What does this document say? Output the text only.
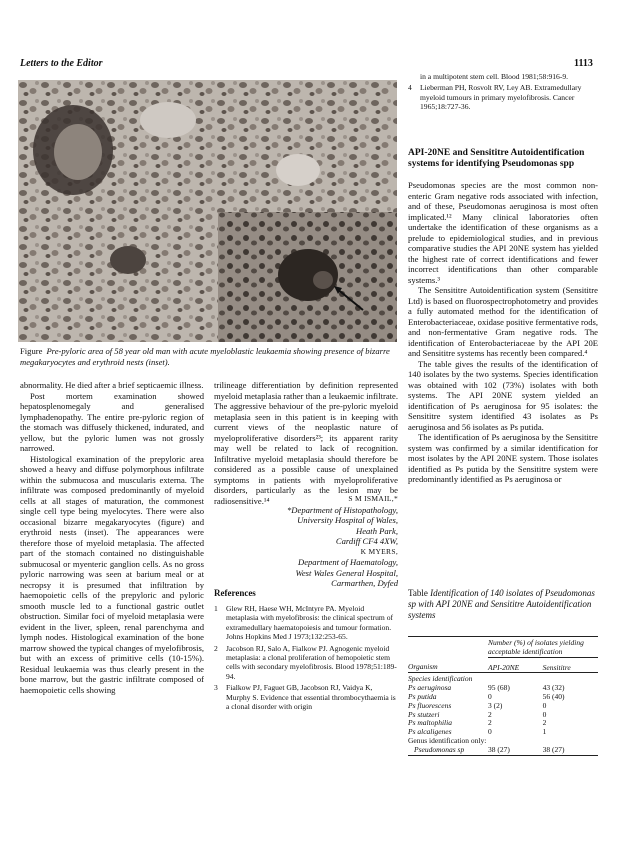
Letters to the Editor	1113
Figure Pre-pyloric area of 58 year old man with acute myeloblastic leukaemia showing presence of bizarre megakaryocytes and erythroid nests (inset).

abnormality. He died after a brief septicaemic illness.

Post mortem examination showed hepatosplenomegaly and generalised lymphadenopathy. The entire pre-pyloric region of the stomach was diffusely thickened, indurated, and yellow, but the pyloric lumen was not grossly narrowed.

Histological examination of the prepyloric area showed a heavy and diffuse polymorphous infiltrate within the submucosa and muscularis externa. The infiltrate was composed predominantly of myeloid cells at all stages of maturation, the commonest single cell type being myelocytes. There were also occasional bizarre megakaryocytes (figure) and erythroid nests (inset). The appearances were therefore those of myeloid metaplasia. The affected part of the stomach contained no distinguishable submucosal or myenteric ganglion cells. As no gross pyloric narrowing was seen at barium meal or at necropsy it is presumed that infiltration by haemopoietic cells of the prepyloric and pyloric smooth muscle led to a functional gastric outlet obstruction. Similar foci of myeloid metaplasia were evident in the liver, spleen, renal parenchyma and lymph nodes. Histological examination of the bone marrow showed the typical changes of myelofibrosis, but with an excess of primitive cells (10-15%). Residual leukaemia was thus clearly present in the bone marrow, but the gastric infiltrate composed of haemopoietic cells showing

trilineage differentiation by definition represented myeloid metaplasia rather than a leukaemic infiltrate. The aggressive behaviour of the pre-pyloric myeloid metaplasia seen in this patient is in keeping with current views of the neoplastic nature of myeloproliferative disorders²³; its apparent rarity may well be related to lack of recognition. Infiltrative myeloid metaplasia should therefore be considered as a possible cause of unexplained symptoms in patients with myeloproliferative disorders, particularly as the lesion may be radiosensitive.¹⁴	S M ISMAIL,*
*Department of Histopathology,
University Hospital of Wales,
Heath Park,
Cardiff CF4 4XW,
K MYERS,
Department of Haematology,
West Wales General Hospital,
Carmarthen, Dyfed
References
1	Glew RH, Haese WH, McIntyre PA. Myeloid metaplasia with myelofibrosis: the clinical spectrum of extramedullary haematopoiesis and tumour formation. Johns Hopkins Med J 1973;132:253-65.
2	Jacobson RJ, Salo A, Fialkow PJ. Agnogenic myeloid metaplasia: a clonal proliferation of hemopoietic stem cells with secondary myelofibrosis. Blood 1978;51:189-94.
3	Fialkow PJ, Faguet GB, Jacobson RJ, Vaidya K, Murphy S. Evidence that essential thrombocythaemia is a clonal disorder with origin
in a multipotent stem cell. Blood 1981;58:916-9.
4	Lieberman PH, Rosvolt RV, Ley AB. Extramedullary myeloid tumours in primary myelofibrosis. Cancer 1965;18:727-36.
API-20NE and Sensititre Autoidentification systems for identifying Pseudomonas spp

Pseudomonas species are the most common non-enteric Gram negative rods associated with infection, and of these, Pseudomonas aeruginosa is most often implicated.¹² Many clinical laboratories often undertake the identification of these organisms as a prelude to epidemiological studies, and in previous comparative studies the API 20NE system has yielded the highest rate of correct identifications and fewer incorrect identifications than other comparable systems.³

The Sensititre Autoidentification system (Sensititre Ltd) is based on fluorospectrophotometry and provides a fully automated method for the identification of Enterobacteriaceae, oxidase positive fermentative rods, and non-fermentative Gram negative rods. The identification of Enterobacteriaceae by the API 20E and Sensititre systems has recently been compared.⁴

The table gives the results of the identification of 140 isolates by the two systems. Species identification was obtained with 102 (73%) isolates with both systems. The API 20NE system yielded an identification of Ps aeruginosa for 95 isolates: the Sensititre system identified 43 isolates as Ps aeruginosa and 56 isolates as Ps putida.

The identification of Ps aeruginosa by the Sensititre system was confirmed by a similar identification for most isolates by the API 20NE system. Those isolates identified as Ps putida by the Sensititre system were predominantly identified as Ps aeruginosa or

Table Identification of 140 isolates of Pseudomonas sp with API 20NE and Sensititre Autoidentification systems
	Number (%) of isolates yielding acceptable identification	
Organism	API-20NE	Sensititre
Species identification		
Ps aeruginosa	95 (68)	43 (32)
Ps putida	0	56 (40)
Ps fluorescens	3 (2)	0
Ps stutzeri	2	0
Ps maltophilia	2	2
Ps alcaligenes	0	1
Genus identification only:		
Pseudomonas sp	38 (27)	38 (27)
